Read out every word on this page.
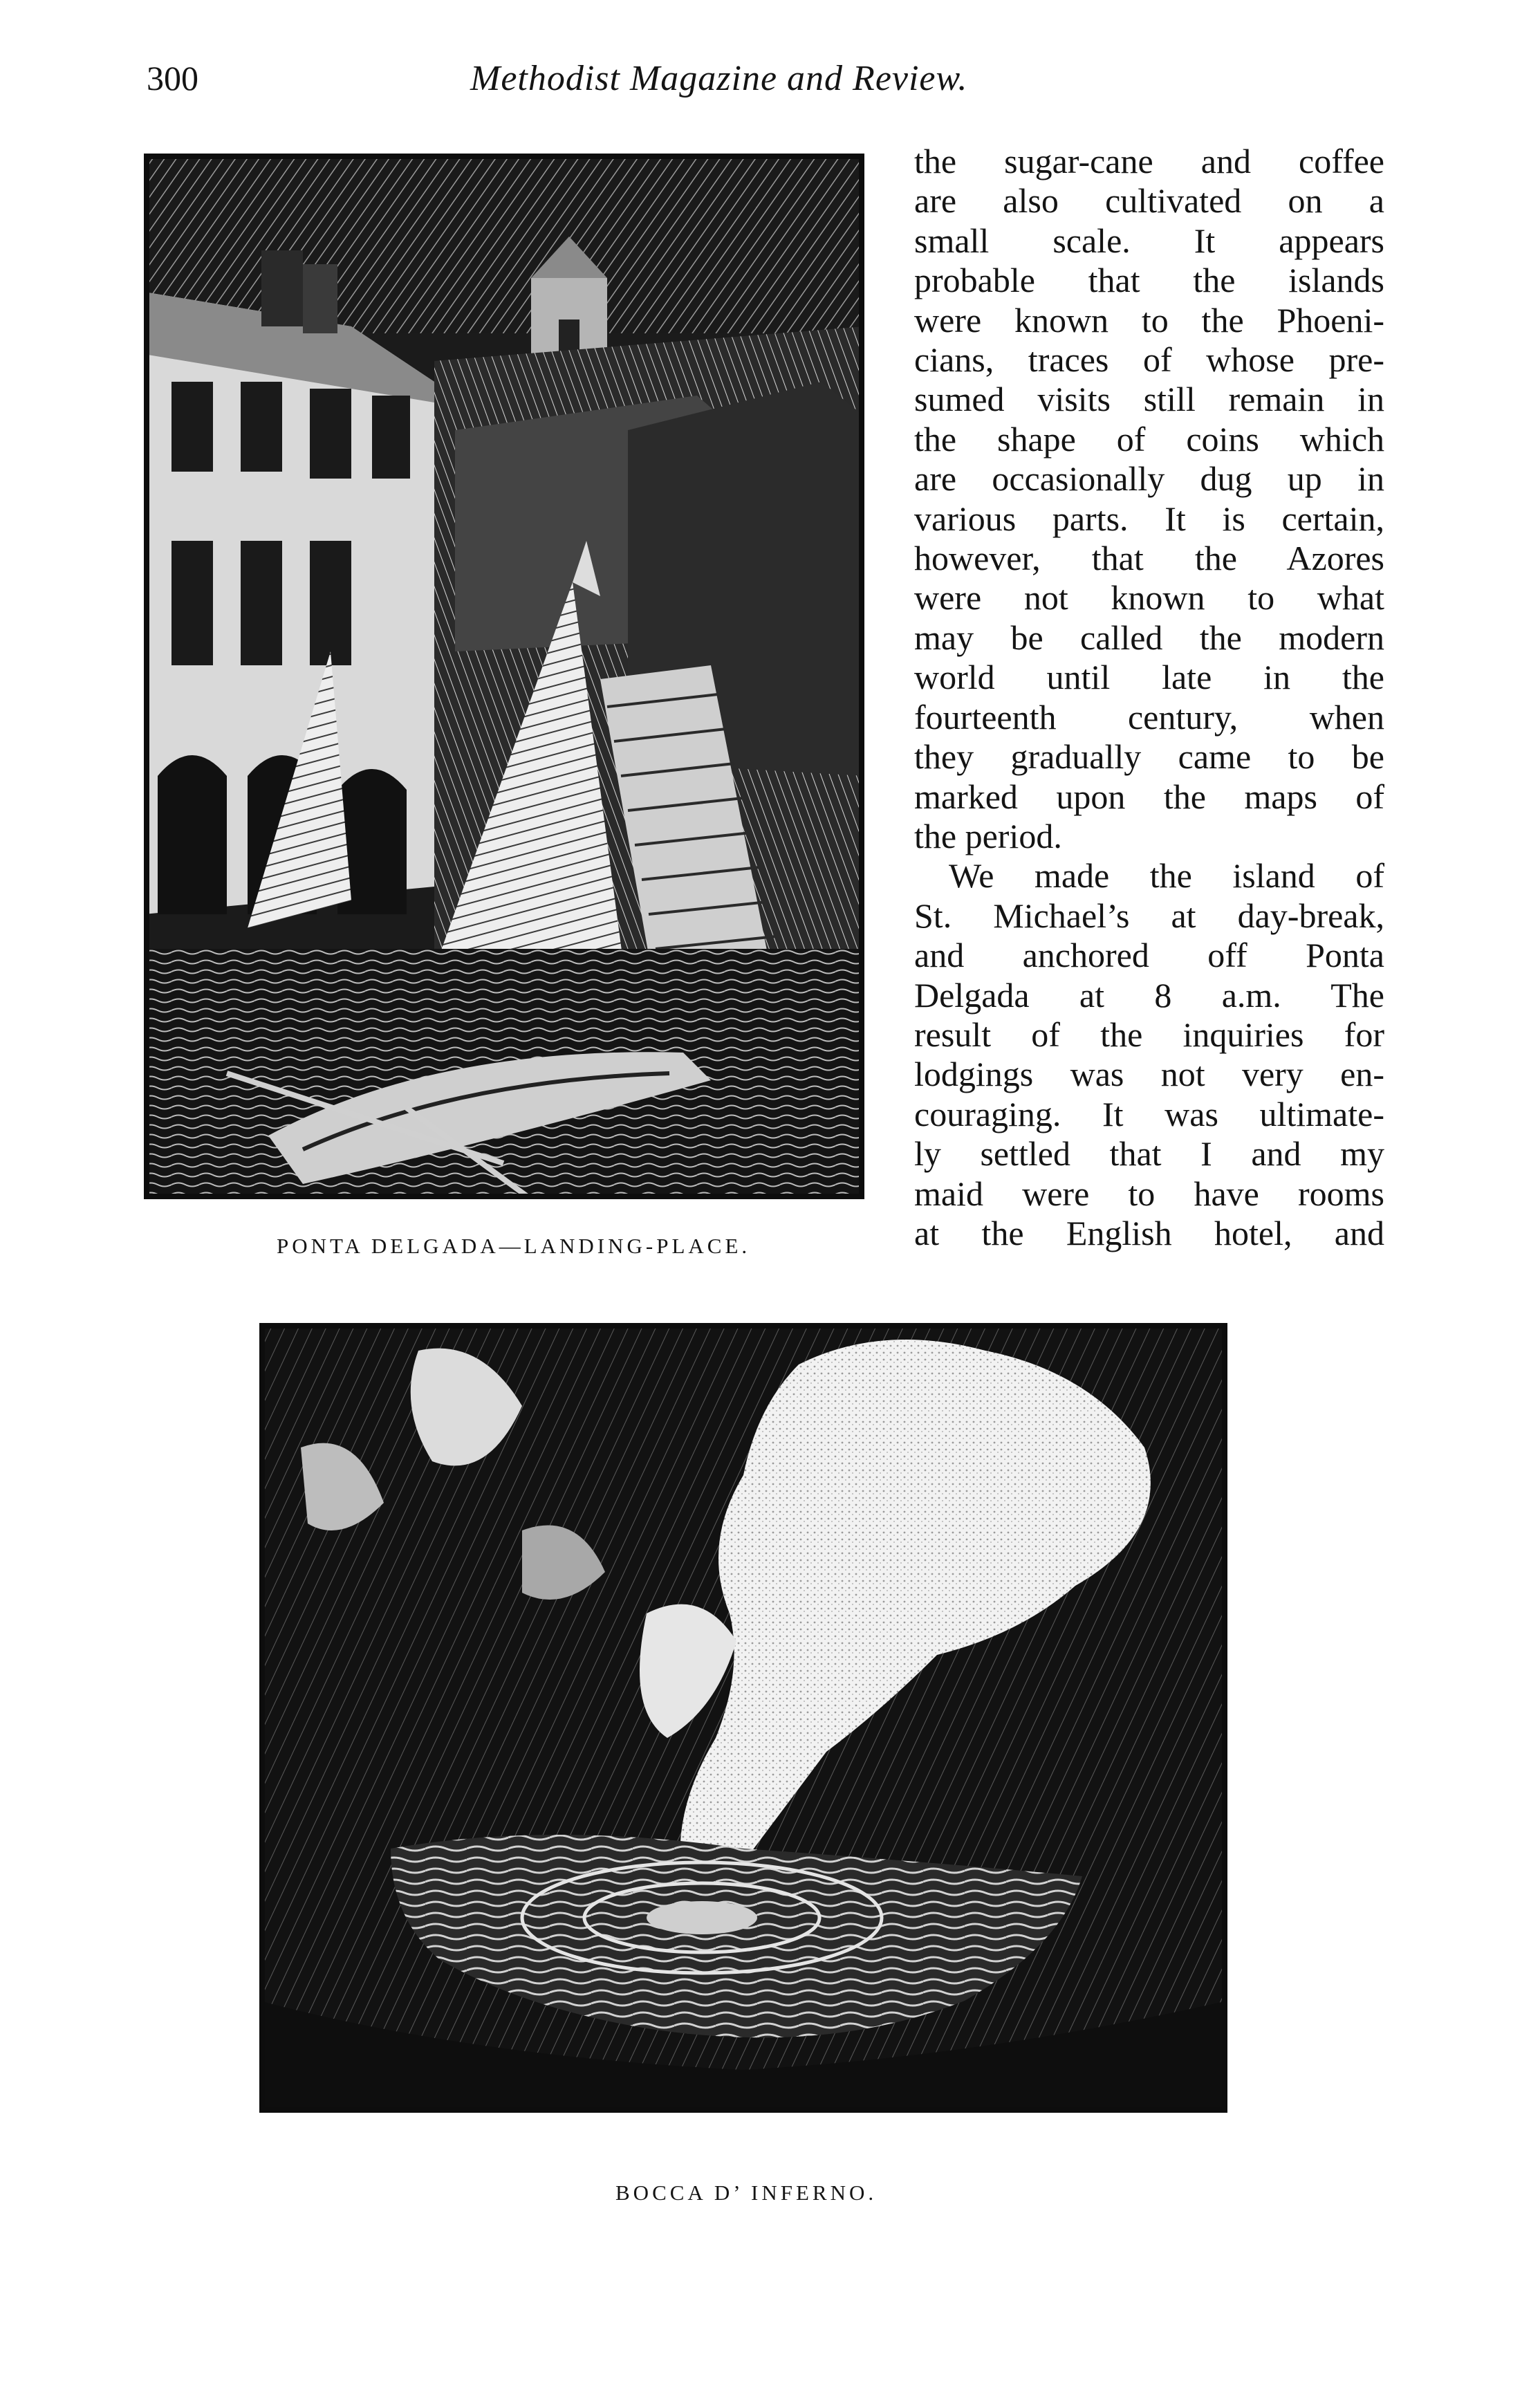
300	Methodist Magazine and Review.
PONTA DELGADA—LANDING-PLACE.
the sugar-cane and coffee
are also cultivated on a
small scale. It appears
probable that the islands
were known to the Phoeni-
cians, traces of whose pre-
sumed visits still remain in
the shape of coins which
are occasionally dug up in
various parts. It is certain,
however, that the Azores
were not known to what
may be called the modern
world until late in the
fourteenth century, when
they gradually came to be
marked upon the maps of
the period.
We made the island of
St. Michael’s at day-break,
and anchored off Ponta
Delgada at 8 a.m. The
result of the inquiries for
lodgings was not very en-
couraging. It was ultimate-
ly settled that I and my
maid were to have rooms
at the English hotel, and
BOCCA D’ INFERNO.
